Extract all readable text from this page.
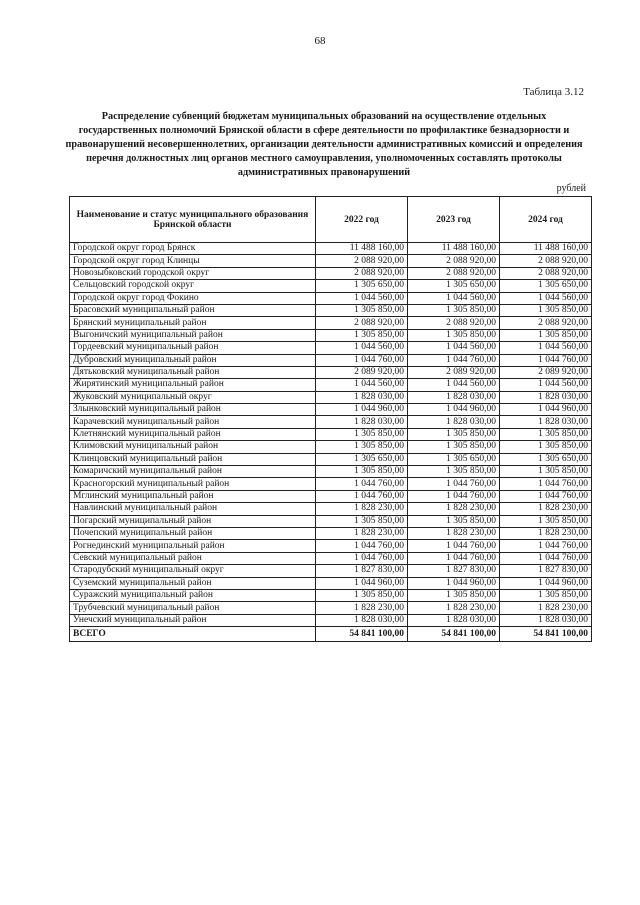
68
Таблица 3.12
Распределение субвенций бюджетам муниципальных образований на осуществление отдельных государственных полномочий Брянской области в сфере деятельности по профилактике безнадзорности и правонарушений несовершеннолетних, организации деятельности административных комиссий и определения перечня должностных лиц органов местного самоуправления, уполномоченных составлять протоколы административных правонарушений
рублей
Наименование и статус муниципального образования Брянской области	2022 год	2023 год	2024 год
Городской округ город Брянск	11 488 160,00	11 488 160,00	11 488 160,00
Городской округ город Клинцы	2 088 920,00	2 088 920,00	2 088 920,00
Новозыбковский городской округ	2 088 920,00	2 088 920,00	2 088 920,00
Сельцовский городской округ	1 305 650,00	1 305 650,00	1 305 650,00
Городской округ город Фокино	1 044 560,00	1 044 560,00	1 044 560,00
Брасовский муниципальный район	1 305 850,00	1 305 850,00	1 305 850,00
Брянский муниципальный район	2 088 920,00	2 088 920,00	2 088 920,00
Выгоничский муниципальный район	1 305 850,00	1 305 850,00	1 305 850,00
Гордеевский муниципальный район	1 044 560,00	1 044 560,00	1 044 560,00
Дубровский муниципальный район	1 044 760,00	1 044 760,00	1 044 760,00
Дятьковский муниципальный район	2 089 920,00	2 089 920,00	2 089 920,00
Жирятинский муниципальный район	1 044 560,00	1 044 560,00	1 044 560,00
Жуковский муниципальный округ	1 828 030,00	1 828 030,00	1 828 030,00
Злынковский муниципальный район	1 044 960,00	1 044 960,00	1 044 960,00
Карачевский муниципальный район	1 828 030,00	1 828 030,00	1 828 030,00
Клетнянский муниципальный район	1 305 850,00	1 305 850,00	1 305 850,00
Климовский муниципальный район	1 305 850,00	1 305 850,00	1 305 850,00
Клинцовский муниципальный район	1 305 650,00	1 305 650,00	1 305 650,00
Комаричский муниципальный район	1 305 850,00	1 305 850,00	1 305 850,00
Красногорский муниципальный район	1 044 760,00	1 044 760,00	1 044 760,00
Мглинский муниципальный район	1 044 760,00	1 044 760,00	1 044 760,00
Навлинский муниципальный район	1 828 230,00	1 828 230,00	1 828 230,00
Погарский муниципальный район	1 305 850,00	1 305 850,00	1 305 850,00
Почепский муниципальный район	1 828 230,00	1 828 230,00	1 828 230,00
Рогнединский муниципальный район	1 044 760,00	1 044 760,00	1 044 760,00
Севский муниципальный район	1 044 760,00	1 044 760,00	1 044 760,00
Стародубский муниципальный округ	1 827 830,00	1 827 830,00	1 827 830,00
Суземский муниципальный район	1 044 960,00	1 044 960,00	1 044 960,00
Суражский муниципальный район	1 305 850,00	1 305 850,00	1 305 850,00
Трубчевский муниципальный район	1 828 230,00	1 828 230,00	1 828 230,00
Унечский муниципальный район	1 828 030,00	1 828 030,00	1 828 030,00
ВСЕГО	54 841 100,00	54 841 100,00	54 841 100,00
